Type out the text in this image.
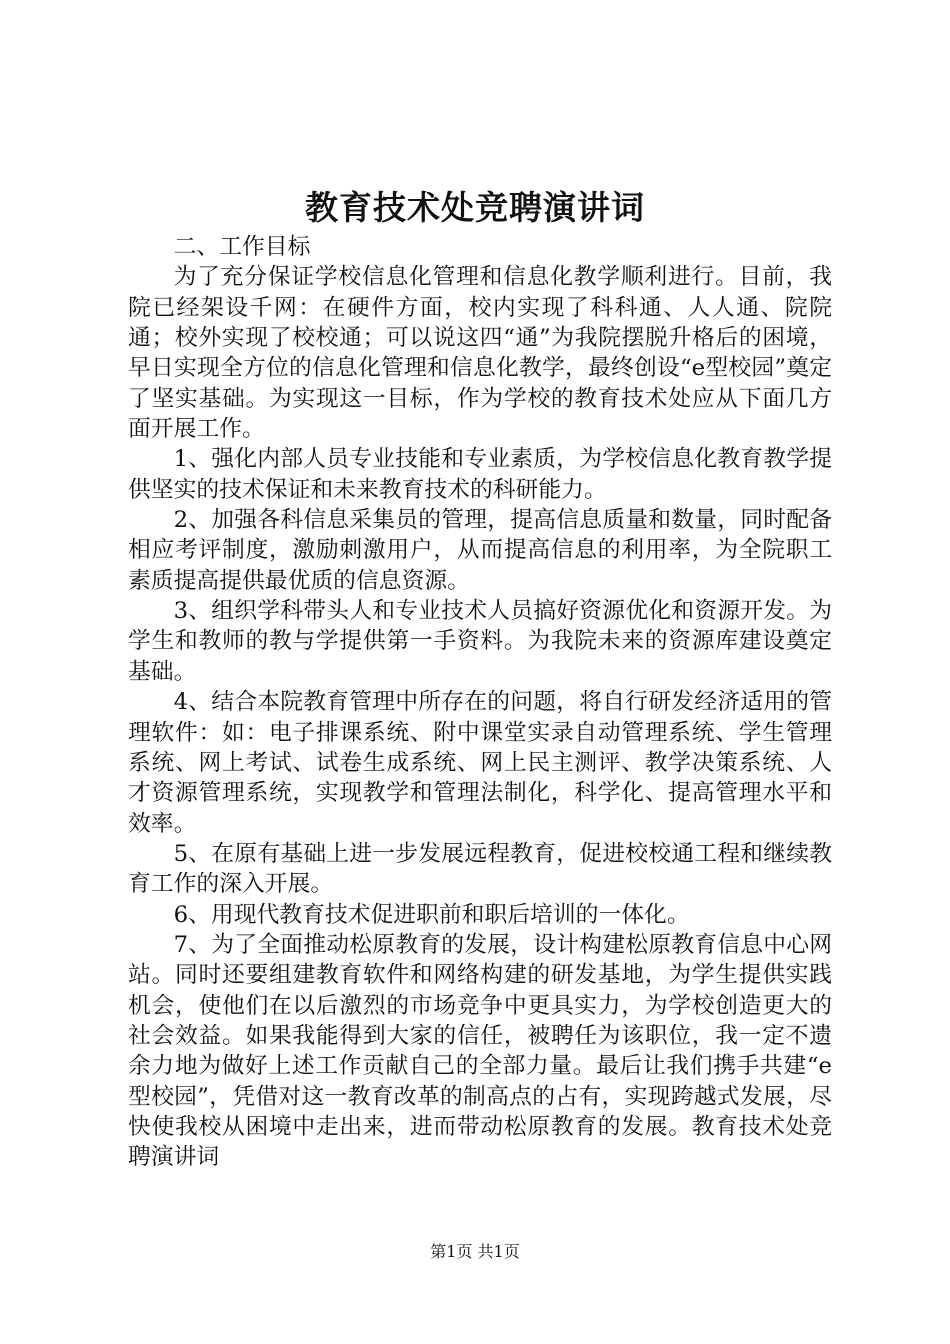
教育技术处竞聘演讲词

二、工作目标

为了充分保证学校信息化管理和信息化教学顺利进行。目前，我院已经架设千网：在硬件方面，校内实现了科科通、人人通、院院通；校外实现了校校通；可以说这四“通”为我院摆脱升格后的困境，早日实现全方位的信息化管理和信息化教学，最终创设“e型校园”奠定了坚实基础。为实现这一目标，作为学校的教育技术处应从下面几方面开展工作。

1、强化内部人员专业技能和专业素质，为学校信息化教育教学提供坚实的技术保证和未来教育技术的科研能力。

2、加强各科信息采集员的管理，提高信息质量和数量，同时配备相应考评制度，激励刺激用户，从而提高信息的利用率，为全院职工素质提高提供最优质的信息资源。

3、组织学科带头人和专业技术人员搞好资源优化和资源开发。为学生和教师的教与学提供第一手资料。为我院未来的资源库建设奠定基础。

4、结合本院教育管理中所存在的问题，将自行研发经济适用的管理软件：如：电子排课系统、附中课堂实录自动管理系统、学生管理系统、网上考试、试卷生成系统、网上民主测评、教学决策系统、人才资源管理系统，实现教学和管理法制化，科学化、提高管理水平和效率。

5、在原有基础上进一步发展远程教育，促进校校通工程和继续教育工作的深入开展。

6、用现代教育技术促进职前和职后培训的一体化。

7、为了全面推动松原教育的发展，设计构建松原教育信息中心网站。同时还要组建教育软件和网络构建的研发基地，为学生提供实践机会，使他们在以后激烈的市场竞争中更具实力，为学校创造更大的社会效益。如果我能得到大家的信任，被聘任为该职位，我一定不遗余力地为做好上述工作贡献自己的全部力量。最后让我们携手共建“e型校园”，凭借对这一教育改革的制高点的占有，实现跨越式发展，尽快使我校从困境中走出来，进而带动松原教育的发展。教育技术处竞聘演讲词

第1页 共1页
